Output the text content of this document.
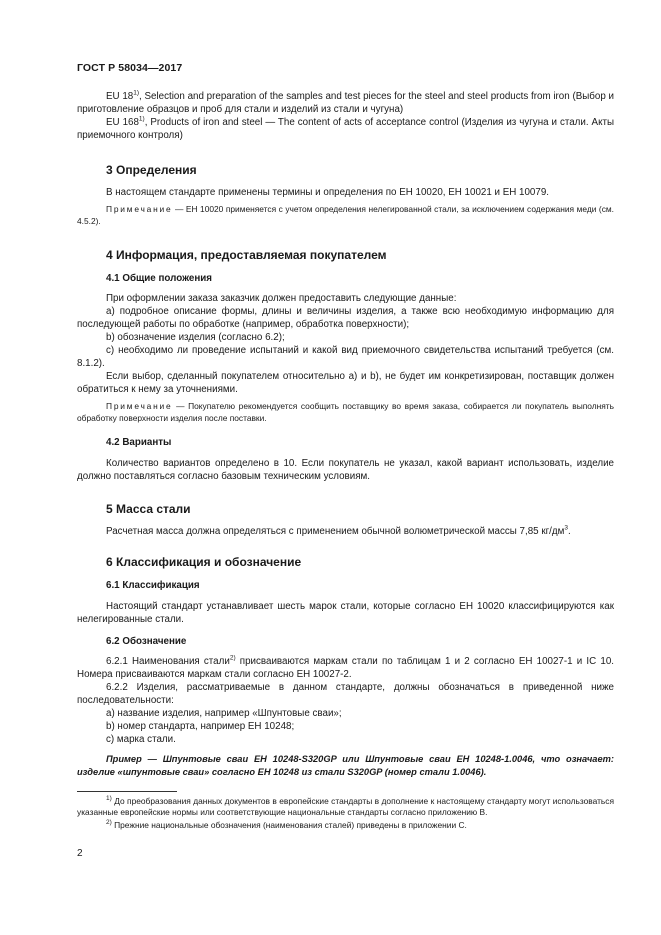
ГОСТ Р 58034—2017

EU 18$^{1)}$, Selection and preparation of the samples and test pieces for the steel and steel products from iron (Выбор и приготовление образцов и проб для стали и изделий из стали и чугуна)

EU 168$^{1)}$, Products of iron and steel — The content of acts of acceptance control (Изделия из чугуна и стали. Акты приемочного контроля)

3 Определения

В настоящем стандарте применены термины и определения по ЕН 10020, ЕН 10021 и ЕН 10079.

Примечание — ЕН 10020 применяется с учетом определения нелегированной стали, за исключением содержания меди (см. 4.5.2).

4 Информация, предоставляемая покупателем

4.1 Общие положения

При оформлении заказа заказчик должен предоставить следующие данные:

a) подробное описание формы, длины и величины изделия, а также всю необходимую информацию для последующей работы по обработке (например, обработка поверхности);

b) обозначение изделия (согласно 6.2);

c) необходимо ли проведение испытаний и какой вид приемочного свидетельства испытаний требуется (см. 8.1.2).

Если выбор, сделанный покупателем относительно а) и b), не будет им конкретизирован, поставщик должен обратиться к нему за уточнениями.

Примечание — Покупателю рекомендуется сообщить поставщику во время заказа, собирается ли покупатель выполнять обработку поверхности изделия после поставки.

4.2 Варианты

Количество вариантов определено в 10. Если покупатель не указал, какой вариант использовать, изделие должно поставляться согласно базовым техническим условиям.

5 Масса стали

Расчетная масса должна определяться с применением обычной волюметрической массы 7,85 $кг/дм^3$.

6 Классификация и обозначение

6.1 Классификация

Настоящий стандарт устанавливает шесть марок стали, которые согласно ЕН 10020 классифицируются как нелегированные стали.

6.2 Обозначение

6.2.1 Наименования стали$^{2)}$ присваиваются маркам стали по таблицам 1 и 2 согласно ЕН 10027-1 и IC 10. Номера присваиваются маркам стали согласно ЕН 10027-2.

6.2.2 Изделия, рассматриваемые в данном стандарте, должны обозначаться в приведенной ниже последовательности:

a) название изделия, например «Шпунтовые сваи»;

b) номер стандарта, например ЕН 10248;

c) марка стали.

Пример — Шпунтовые сваи ЕН 10248-S320GP или Шпунтовые сваи ЕН 10248-1.0046, что означает: изделие «шпунтовые сваи» согласно ЕН 10248 из стали S320GP (номер стали 1.0046).

$^{1)}$ До преобразования данных документов в европейские стандарты в дополнение к настоящему стандарту могут использоваться указанные европейские нормы или соответствующие национальные стандарты согласно приложению В.

$^{2)}$ Прежние национальные обозначения (наименования сталей) приведены в приложении С.

2
